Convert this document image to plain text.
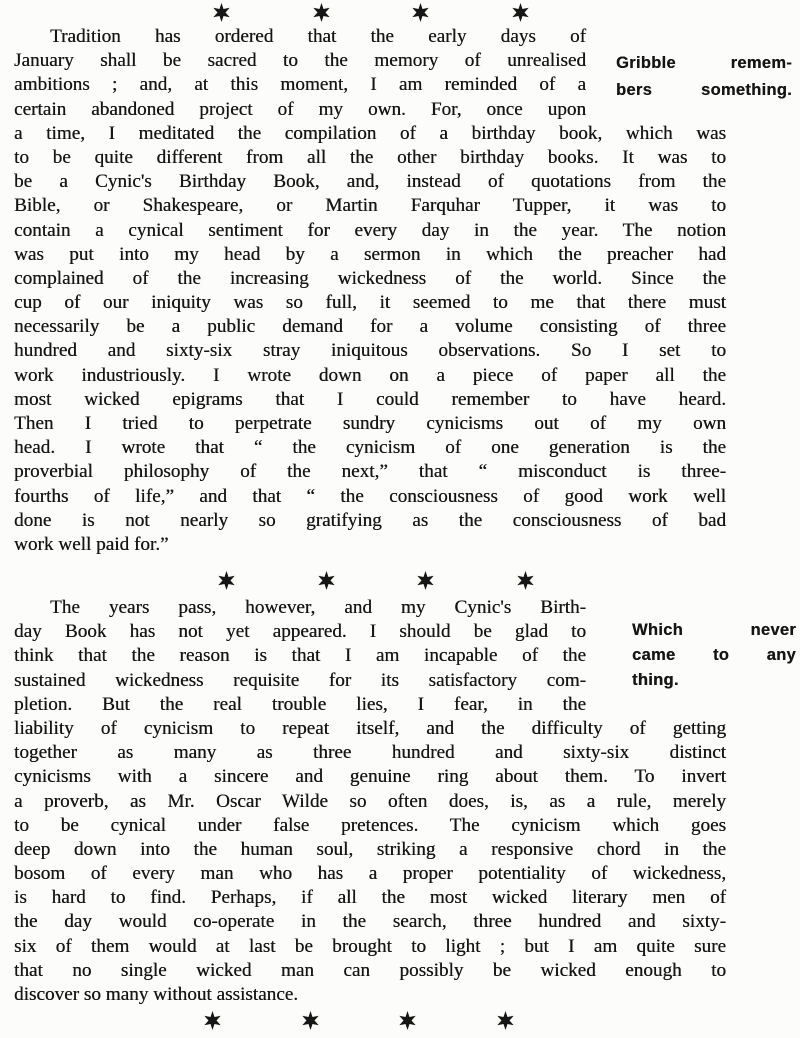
Tradition has ordered that the early days of
January shall be sacred to the memory of unrealised
ambitions ; and, at this moment, I am reminded of a
certain abandoned project of my own. For, once upon
a time, I meditated the compilation of a birthday book, which was
to be quite different from all the other birthday books. It was to
be a Cynic's Birthday Book, and, instead of quotations from the
Bible, or Shakespeare, or Martin Farquhar Tupper, it was to
contain a cynical sentiment for every day in the year. The notion
was put into my head by a sermon in which the preacher had
complained of the increasing wickedness of the world. Since the
cup of our iniquity was so full, it seemed to me that there must
necessarily be a public demand for a volume consisting of three
hundred and sixty-six stray iniquitous observations. So I set to
work industriously. I wrote down on a piece of paper all the
most wicked epigrams that I could remember to have heard.
Then I tried to perpetrate sundry cynicisms out of my own
head. I wrote that “ the cynicism of one generation is the
proverbial philosophy of the next,” that “ misconduct is three-
fourths of life,” and that “ the consciousness of good work well
done is not nearly so gratifying as the consciousness of bad
work well paid for.”
Gribble remem-
bers something.
The years pass, however, and my Cynic's Birth-
day Book has not yet appeared. I should be glad to
think that the reason is that I am incapable of the
sustained wickedness requisite for its satisfactory com-
pletion. But the real trouble lies, I fear, in the
liability of cynicism to repeat itself, and the difficulty of getting
together as many as three hundred and sixty-six distinct
cynicisms with a sincere and genuine ring about them. To invert
a proverb, as Mr. Oscar Wilde so often does, is, as a rule, merely
to be cynical under false pretences. The cynicism which goes
deep down into the human soul, striking a responsive chord in the
bosom of every man who has a proper potentiality of wickedness,
is hard to find. Perhaps, if all the most wicked literary men of
the day would co-operate in the search, three hundred and sixty-
six of them would at last be brought to light ; but I am quite sure
that no single wicked man can possibly be wicked enough to
discover so many without assistance.
Which never
came to any
thing.
